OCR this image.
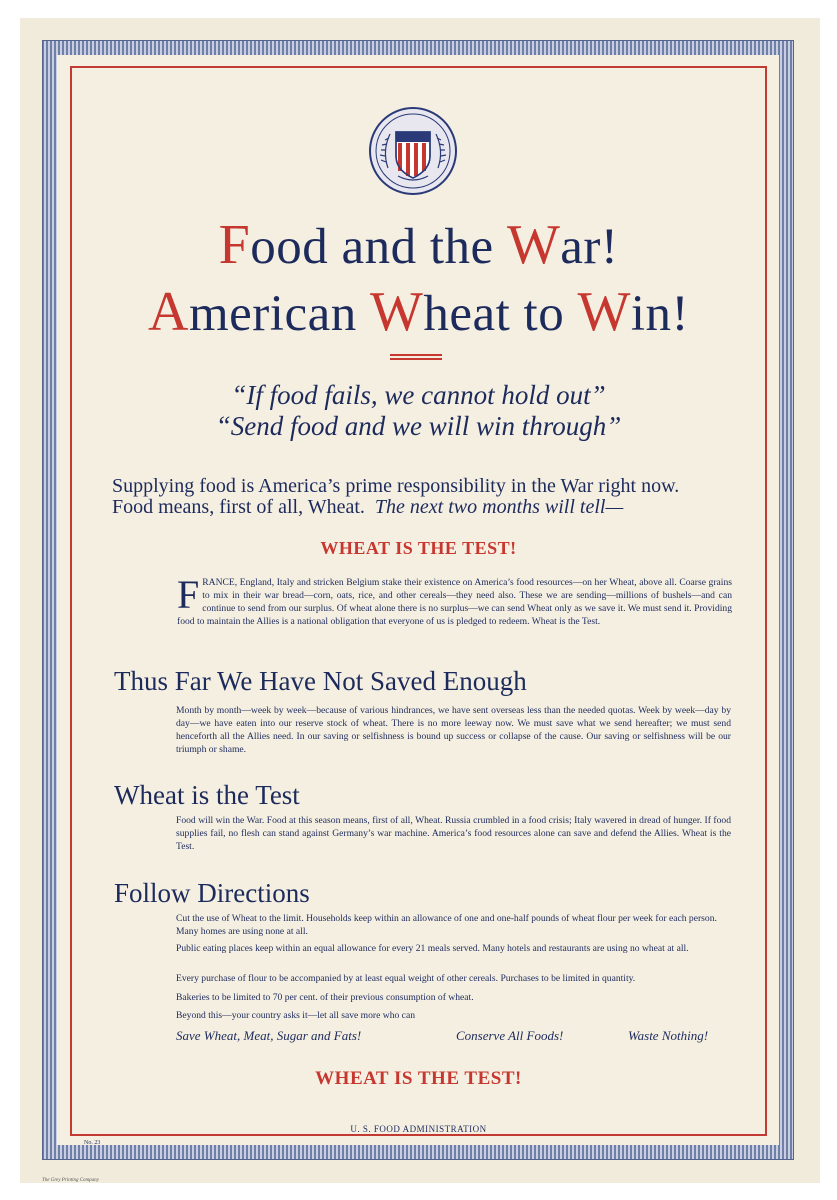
Food and the War!
American Wheat to Win!
“If food fails, we cannot hold out”
“Send food and we will win through”
Supplying food is America’s prime responsibility in the War right now.
Food means, first of all, Wheat. The next two months will tell—
WHEAT IS THE TEST!
FRANCE, England, Italy and stricken Belgium stake their existence on America’s food resources—on her Wheat, above all. Coarse grains to mix in their war bread—corn, oats, rice, and other cereals—they need also. These we are sending—millions of bushels—and can continue to send from our surplus. Of wheat alone there is no surplus—we can send Wheat only as we save it. We must send it. Providing food to maintain the Allies is a national obligation that everyone of us is pledged to redeem. Wheat is the Test.
Thus Far We Have Not Saved Enough
Month by month—week by week—because of various hindrances, we have sent overseas less than the needed quotas. Week by week—day by day—we have eaten into our reserve stock of wheat. There is no more leeway now. We must save what we send hereafter; we must send henceforth all the Allies need. In our saving or selfishness is bound up success or collapse of the cause. Our saving or selfishness will be our triumph or shame.
Wheat is the Test
Food will win the War. Food at this season means, first of all, Wheat. Russia crumbled in a food crisis; Italy wavered in dread of hunger. If food supplies fail, no flesh can stand against Germany’s war machine. America’s food resources alone can save and defend the Allies. Wheat is the Test.
Follow Directions
Cut the use of Wheat to the limit. Households keep within an allowance of one and one-half pounds of wheat flour per week for each person. Many homes are using none at all.
Public eating places keep within an equal allowance for every 21 meals served. Many hotels and restaurants are using no wheat at all.
Every purchase of flour to be accompanied by at least equal weight of other cereals. Purchases to be limited in quantity.
Bakeries to be limited to 70 per cent. of their previous consumption of wheat.
Beyond this—your country asks it—let all save more who can
Save Wheat, Meat, Sugar and Fats!	Conserve All Foods!	Waste Nothing!
WHEAT IS THE TEST!
U. S. FOOD ADMINISTRATION
No. 23
The Grey Printing Company
